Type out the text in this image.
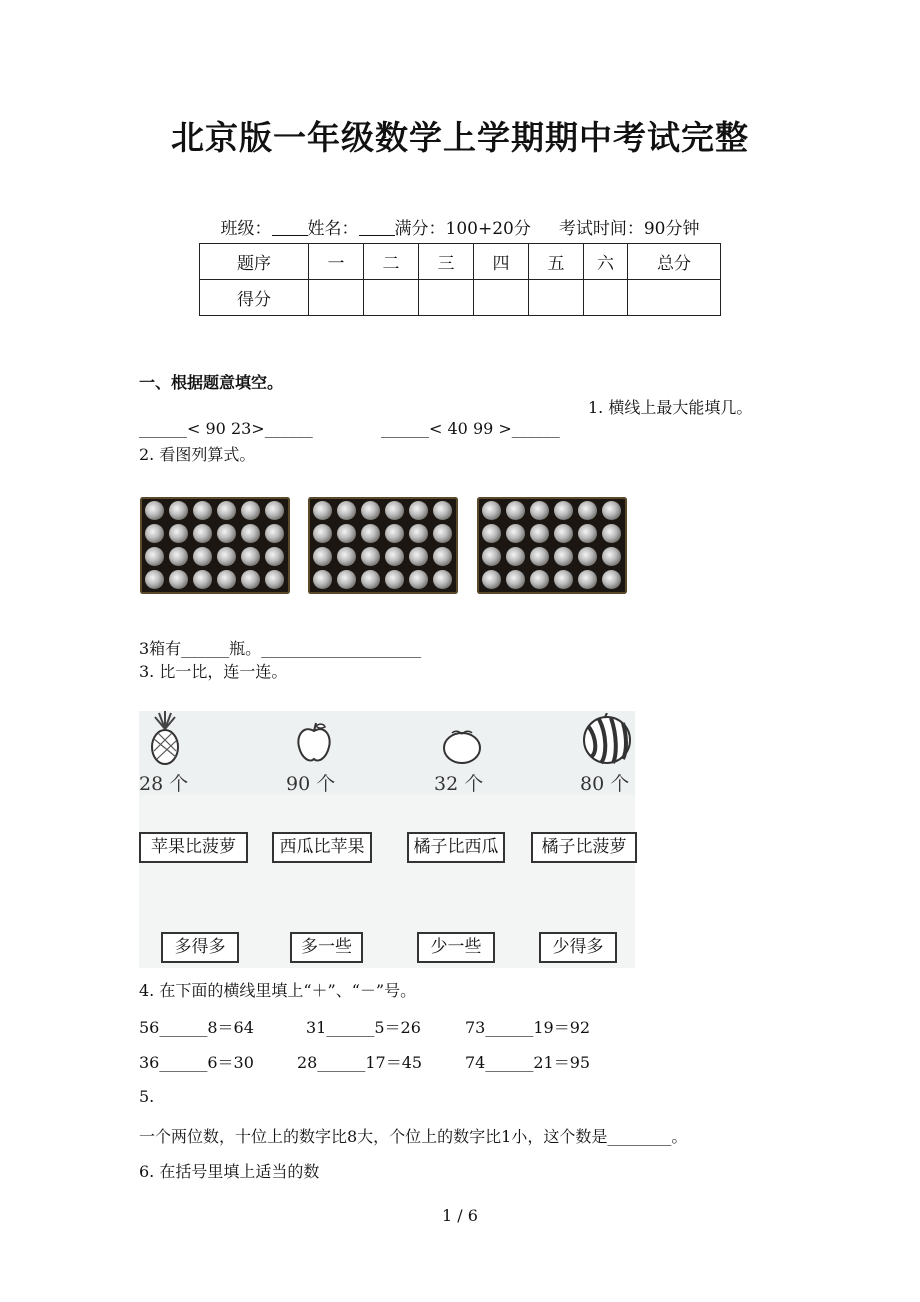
北京版一年级数学上学期期中考试完整
班级： 姓名： 满分：100+20分 考试时间：90分钟
题序	一	二	三	四	五	六	总分
得分							
一、根据题意填空。
1. 横线上最大能填几。
______< 90 23>______	______< 40 99 >______
2. 看图列算式。
3箱有______瓶。____________________
3. 比一比，连一连。
28 个	90 个	32 个	80 个
苹果比菠萝	西瓜比苹果	橘子比西瓜	橘子比菠萝
多得多	多一些	少一些	少得多
4. 在下面的横线里填上“＋”、“－”号。
56______8＝64	31______5＝26	73______19＝92
36______6＝30	28______17＝45	74______21＝95
5.
一个两位数，十位上的数字比8大，个位上的数字比1小，这个数是________。
6. 在括号里填上适当的数
1 / 6
